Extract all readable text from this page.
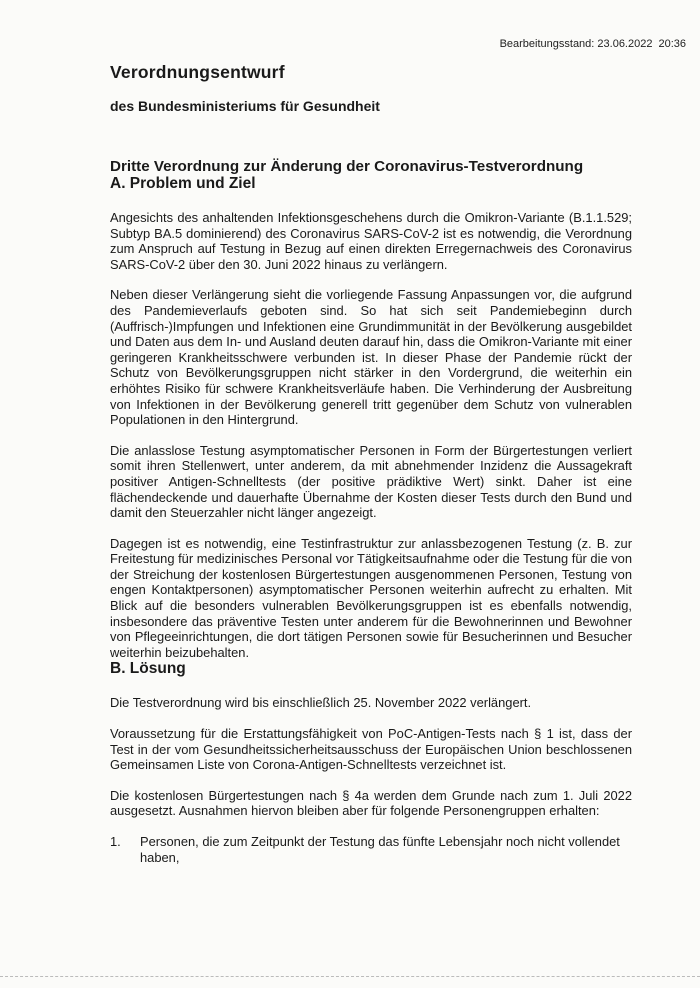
Bearbeitungsstand: 23.06.2022 20:36
Verordnungsentwurf
des Bundesministeriums für Gesundheit
Dritte Verordnung zur Änderung der Coronavirus-Testverordnung
A. Problem und Ziel

Angesichts des anhaltenden Infektionsgeschehens durch die Omikron-Variante (B.1.1.529; Subtyp BA.5 dominierend) des Coronavirus SARS-CoV-2 ist es notwendig, die Verordnung zum Anspruch auf Testung in Bezug auf einen direkten Erregernachweis des Coronavirus SARS-CoV-2 über den 30. Juni 2022 hinaus zu verlängern.

Neben dieser Verlängerung sieht die vorliegende Fassung Anpassungen vor, die aufgrund des Pandemieverlaufs geboten sind. So hat sich seit Pandemiebeginn durch (Auffrisch-)Impfungen und Infektionen eine Grundimmunität in der Bevölkerung ausgebildet und Daten aus dem In- und Ausland deuten darauf hin, dass die Omikron-Variante mit einer geringeren Krankheitsschwere verbunden ist. In dieser Phase der Pandemie rückt der Schutz von Bevölkerungsgruppen nicht stärker in den Vordergrund, die weiterhin ein erhöhtes Risiko für schwere Krankheitsverläufe haben. Die Verhinderung der Ausbreitung von Infektionen in der Bevölkerung generell tritt gegenüber dem Schutz von vulnerablen Populationen in den Hintergrund.

Die anlasslose Testung asymptomatischer Personen in Form der Bürgertestungen verliert somit ihren Stellenwert, unter anderem, da mit abnehmender Inzidenz die Aussagekraft positiver Antigen-Schnelltests (der positive prädiktive Wert) sinkt. Daher ist eine flächendeckende und dauerhafte Übernahme der Kosten dieser Tests durch den Bund und damit den Steuerzahler nicht länger angezeigt.

Dagegen ist es notwendig, eine Testinfrastruktur zur anlassbezogenen Testung (z. B. zur Freitestung für medizinisches Personal vor Tätigkeitsaufnahme oder die Testung für die von der Streichung der kostenlosen Bürgertestungen ausgenommenen Personen, Testung von engen Kontaktpersonen) asymptomatischer Personen weiterhin aufrecht zu erhalten. Mit Blick auf die besonders vulnerablen Bevölkerungsgruppen ist es ebenfalls notwendig, insbesondere das präventive Testen unter anderem für die Bewohnerinnen und Bewohner von Pflegeeinrichtungen, die dort tätigen Personen sowie für Besucherinnen und Besucher weiterhin beizubehalten.

B. Lösung

Die Testverordnung wird bis einschließlich 25. November 2022 verlängert.

Voraussetzung für die Erstattungsfähigkeit von PoC-Antigen-Tests nach § 1 ist, dass der Test in der vom Gesundheitssicherheitsausschuss der Europäischen Union beschlossenen Gemeinsamen Liste von Corona-Antigen-Schnelltests verzeichnet ist.

Die kostenlosen Bürgertestungen nach § 4a werden dem Grunde nach zum 1. Juli 2022 ausgesetzt. Ausnahmen hiervon bleiben aber für folgende Personengruppen erhalten:

1.	Personen, die zum Zeitpunkt der Testung das fünfte Lebensjahr noch nicht vollendet haben,
